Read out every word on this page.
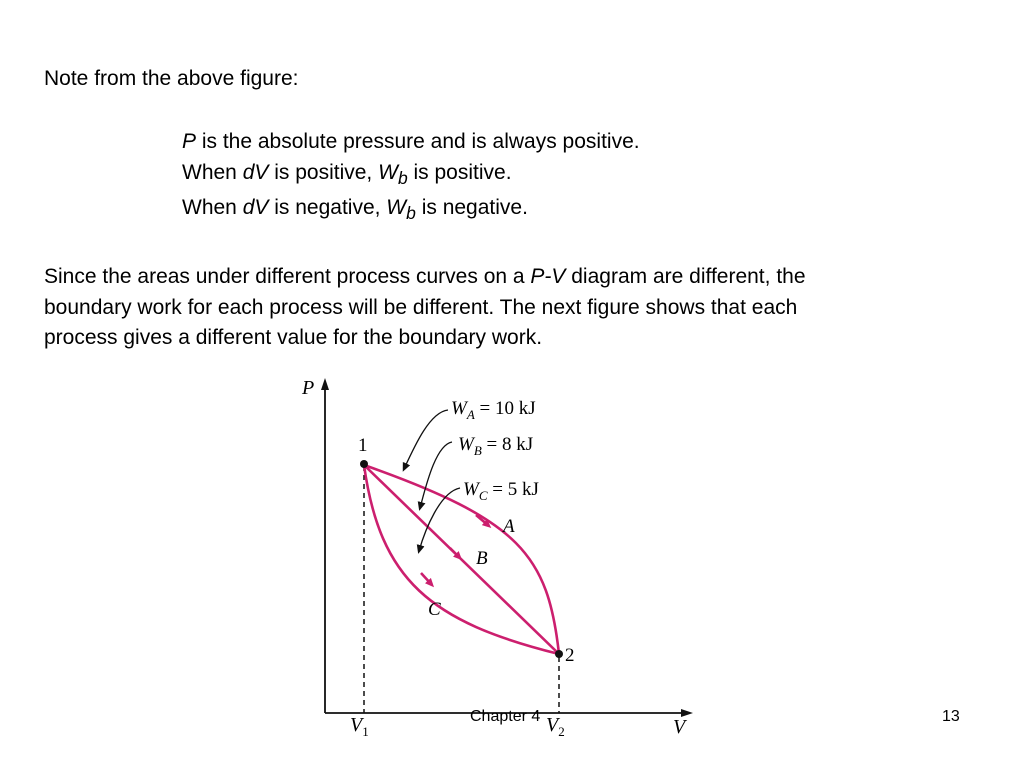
Note from the above figure:
P is the absolute pressure and is always positive.
When dV is positive, $W_b$ is positive.
When dV is negative, $W_b$ is negative.
Since the areas under different process curves on a P-V diagram are different, the
boundary work for each process will be different. The next figure shows that each
process gives a different value for the boundary work.
P
V
$V_1$	$V_2$
1
2
A
B
C
$W_A = 10$ kJ
$W_B = 8$ kJ
$W_C = 5$ kJ
Chapter 4	13
